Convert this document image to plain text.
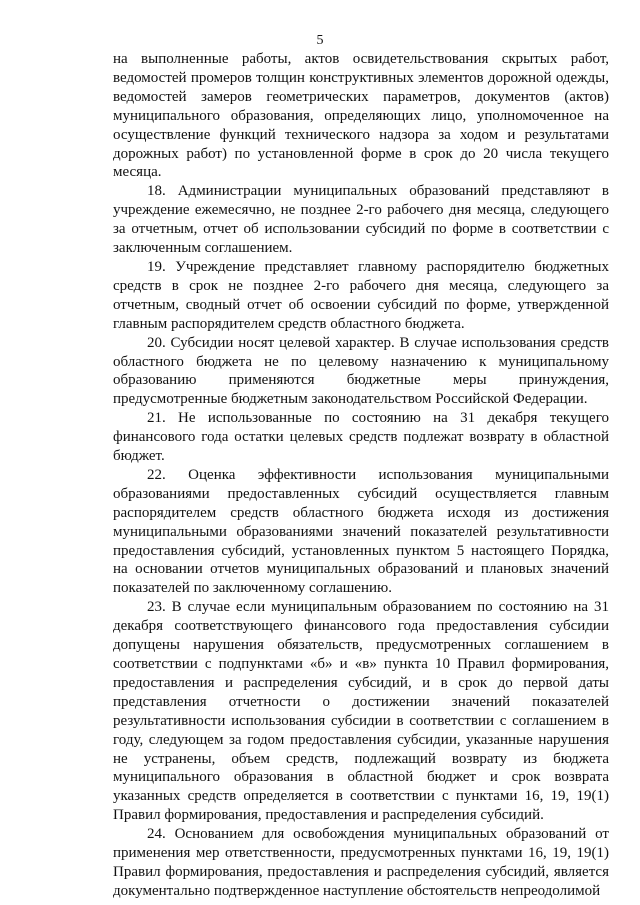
5

на выполненные работы, актов освидетельствования скрытых работ, ведомостей промеров толщин конструктивных элементов дорожной одежды, ведомостей замеров геометрических параметров, документов (актов) муниципального образования, определяющих лицо, уполномоченное на осуществление функций технического надзора за ходом и результатами дорожных работ) по установленной форме в срок до 20 числа текущего месяца.

18. Администрации муниципальных образований представляют в учреждение ежемесячно, не позднее 2-го рабочего дня месяца, следующего за отчетным, отчет об использовании субсидий по форме в соответствии с заключенным соглашением.

19. Учреждение представляет главному распорядителю бюджетных средств в срок не позднее 2-го рабочего дня месяца, следующего за отчетным, сводный отчет об освоении субсидий по форме, утвержденной главным распорядителем средств областного бюджета.

20. Субсидии носят целевой характер. В случае использования средств областного бюджета не по целевому назначению к муниципальному образованию применяются бюджетные меры принуждения, предусмотренные бюджетным законодательством Российской Федерации.

21. Не использованные по состоянию на 31 декабря текущего финансового года остатки целевых средств подлежат возврату в областной бюджет.

22. Оценка эффективности использования муниципальными образованиями предоставленных субсидий осуществляется главным распорядителем средств областного бюджета исходя из достижения муниципальными образованиями значений показателей результативности предоставления субсидий, установленных пунктом 5 настоящего Порядка, на основании отчетов муниципальных образований и плановых значений показателей по заключенному соглашению.

23. В случае если муниципальным образованием по состоянию на 31 декабря соответствующего финансового года предоставления субсидии допущены нарушения обязательств, предусмотренных соглашением в соответствии с подпунктами «б» и «в» пункта 10 Правил формирования, предоставления и распределения субсидий, и в срок до первой даты представления отчетности о достижении значений показателей результативности использования субсидии в соответствии с соглашением в году, следующем за годом предоставления субсидии, указанные нарушения не устранены, объем средств, подлежащий возврату из бюджета муниципального образования в областной бюджет и срок возврата указанных средств определяется в соответствии с пунктами 16, 19, 19(1) Правил формирования, предоставления и распределения субсидий.

24. Основанием для освобождения муниципальных образований от применения мер ответственности, предусмотренных пунктами 16, 19, 19(1) Правил формирования, предоставления и распределения субсидий, является документально подтвержденное наступление обстоятельств непреодолимой
